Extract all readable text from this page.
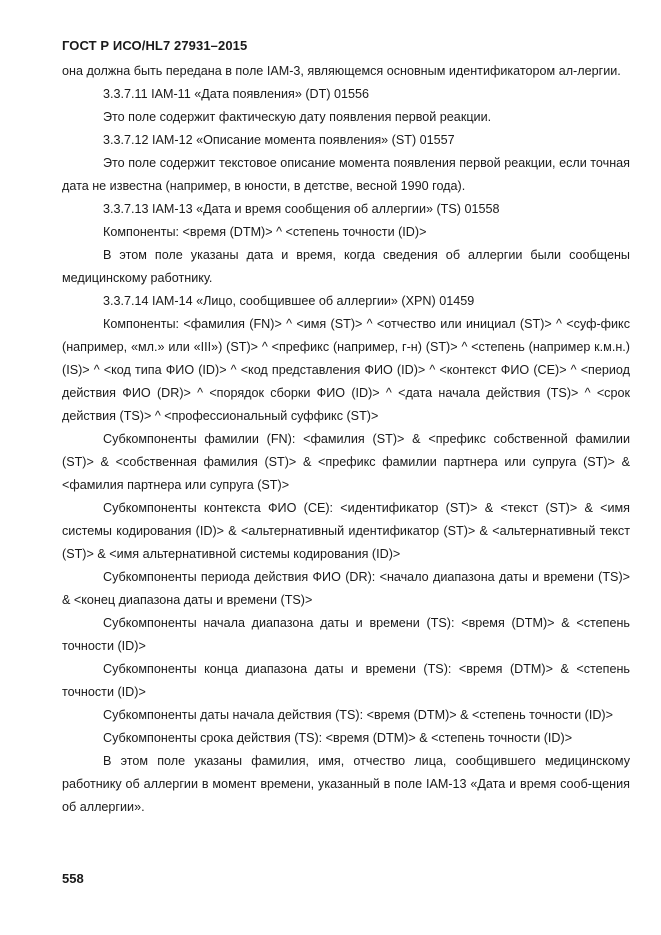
ГОСТ Р ИСО/HL7 27931–2015

она должна быть передана в поле IAM-3, являющемся основным идентификатором ал-лергии.

3.3.7.11 IAM-11 «Дата появления» (DT) 01556

Это поле содержит фактическую дату появления первой реакции.

3.3.7.12 IAM-12 «Описание момента появления» (ST) 01557

Это поле содержит текстовое описание момента появления первой реакции, если точная дата не известна (например, в юности, в детстве, весной 1990 года).

3.3.7.13 IAM-13 «Дата и время сообщения об аллергии» (TS) 01558

Компоненты: <время (DTM)> ^ <степень точности (ID)>

В этом поле указаны дата и время, когда сведения об аллергии были сообщены медицинскому работнику.

3.3.7.14 IAM-14 «Лицо, сообщившее об аллергии» (XPN) 01459

Компоненты: <фамилия (FN)> ^ <имя (ST)> ^ <отчество или инициал (ST)> ^ <суф-фикс (например, «мл.» или «III») (ST)> ^ <префикс (например, г-н) (ST)> ^ <степень (например к.м.н.) (IS)> ^ <код типа ФИО (ID)> ^ <код представления ФИО (ID)> ^ <контекст ФИО (CE)> ^ <период действия ФИО (DR)> ^ <порядок сборки ФИО (ID)> ^ <дата начала действия (TS)> ^ <срок действия (TS)> ^ <профессиональный суффикс (ST)>

Субкомпоненты фамилии (FN): <фамилия (ST)> & <префикс собственной фамилии (ST)> & <собственная фамилия (ST)> & <префикс фамилии партнера или супруга (ST)> & <фамилия партнера или супруга (ST)>

Субкомпоненты контекста ФИО (CE): <идентификатор (ST)> & <текст (ST)> & <имя системы кодирования (ID)> & <альтернативный идентификатор (ST)> & <альтернативный текст (ST)> & <имя альтернативной системы кодирования (ID)>

Субкомпоненты периода действия ФИО (DR): <начало диапазона даты и времени (TS)> & <конец диапазона даты и времени (TS)>

Субкомпоненты начала диапазона даты и времени (TS): <время (DTM)> & <степень точности (ID)>

Субкомпоненты конца диапазона даты и времени (TS): <время (DTM)> & <степень точности (ID)>

Субкомпоненты даты начала действия (TS): <время (DTM)> & <степень точности (ID)>

Субкомпоненты срока действия (TS): <время (DTM)> & <степень точности (ID)>

В этом поле указаны фамилия, имя, отчество лица, сообщившего медицинскому работнику об аллергии в момент времени, указанный в поле IAM-13 «Дата и время сооб-щения об аллергии».

558
